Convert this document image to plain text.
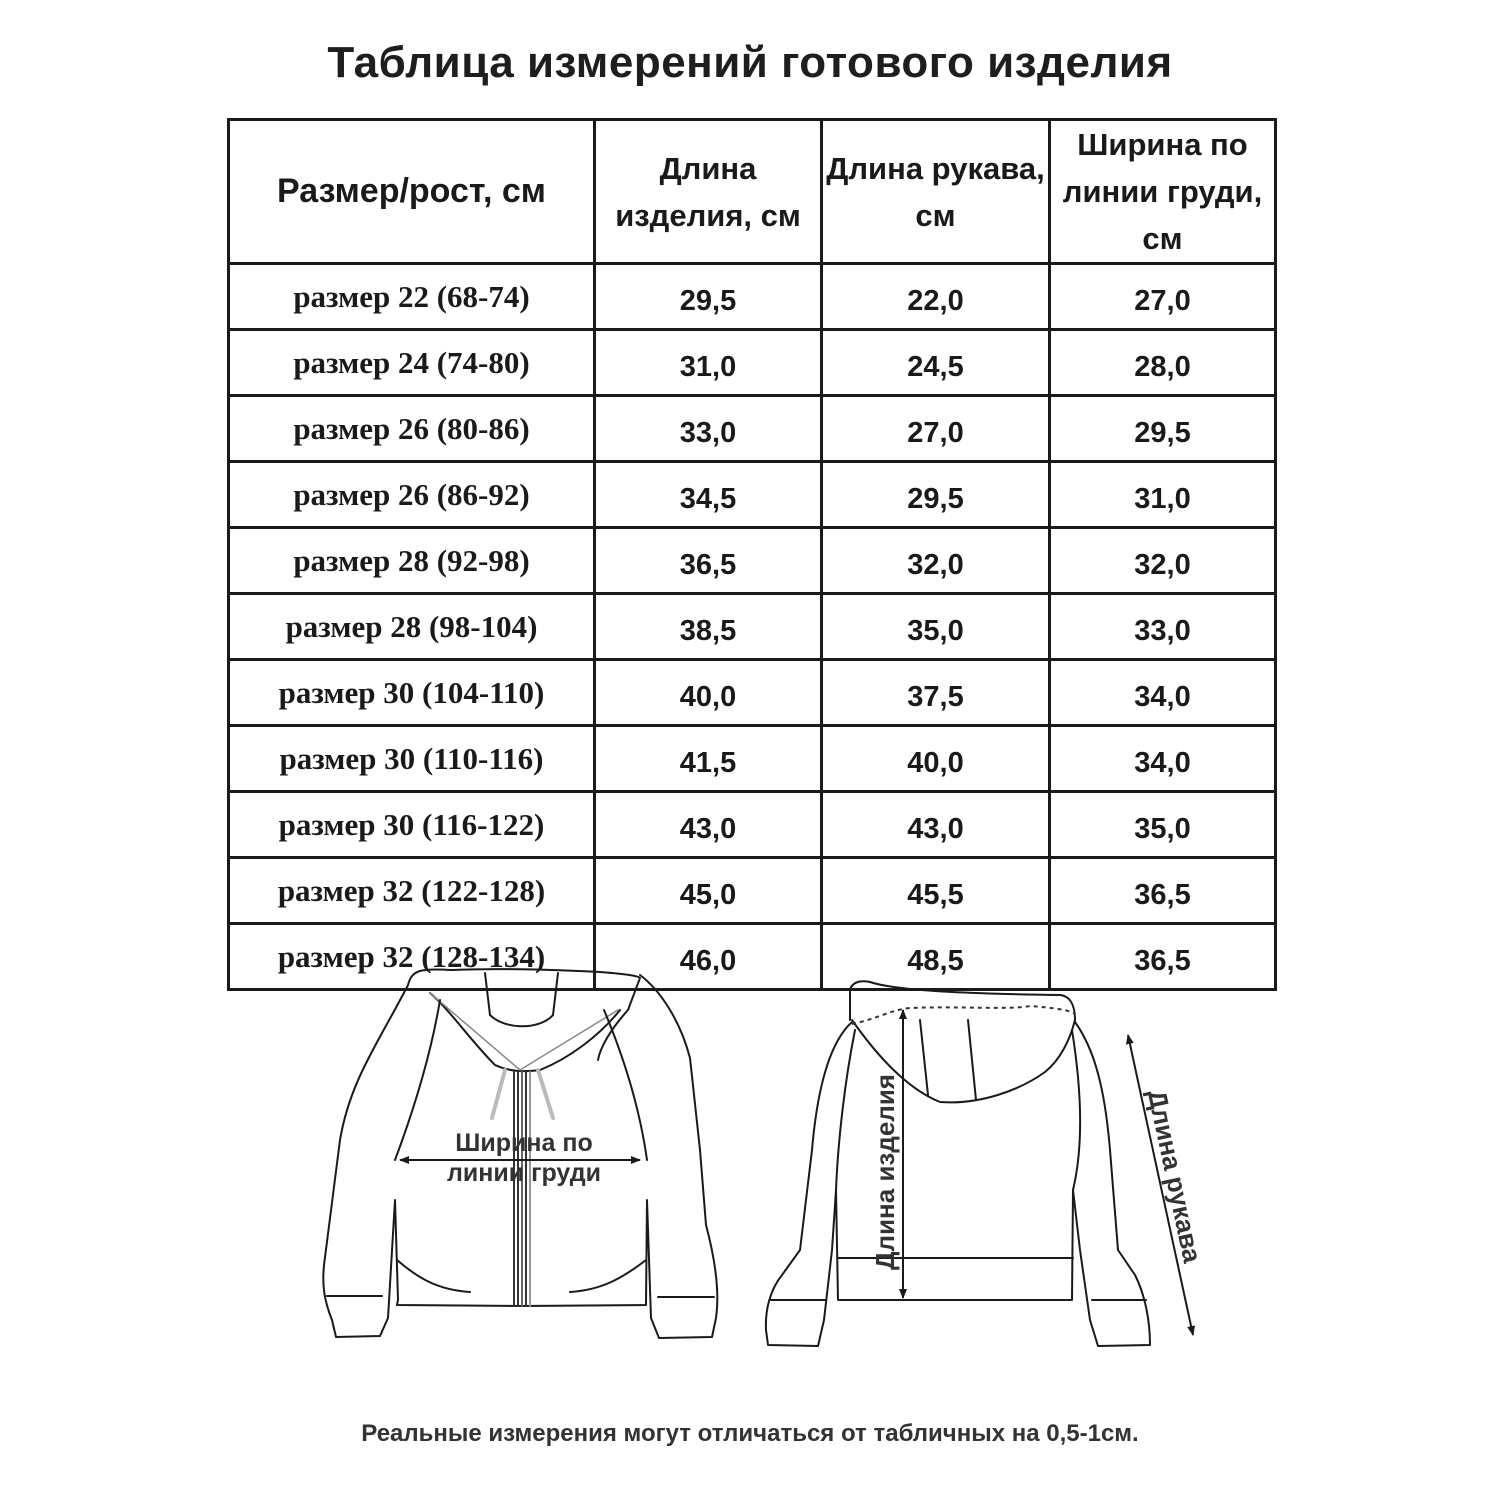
Таблица измерений готового изделия
Размер/рост, см	Длина изделия, см	Длина рукава, см	Ширина по линии груди, см
размер 22 (68-74)	29,5	22,0	27,0
размер 24 (74-80)	31,0	24,5	28,0
размер 26 (80-86)	33,0	27,0	29,5
размер 26 (86-92)	34,5	29,5	31,0
размер 28 (92-98)	36,5	32,0	32,0
размер 28 (98-104)	38,5	35,0	33,0
размер 30 (104-110)	40,0	37,5	34,0
размер 30 (110-116)	41,5	40,0	34,0
размер 30 (116-122)	43,0	43,0	35,0
размер 32 (122-128)	45,0	45,5	36,5
размер 32 (128-134)	46,0	48,5	36,5
Ширина по
линии груди	Длина изделия	Длина рукава
Реальные измерения могут отличаться от табличных на 0,5-1см.
